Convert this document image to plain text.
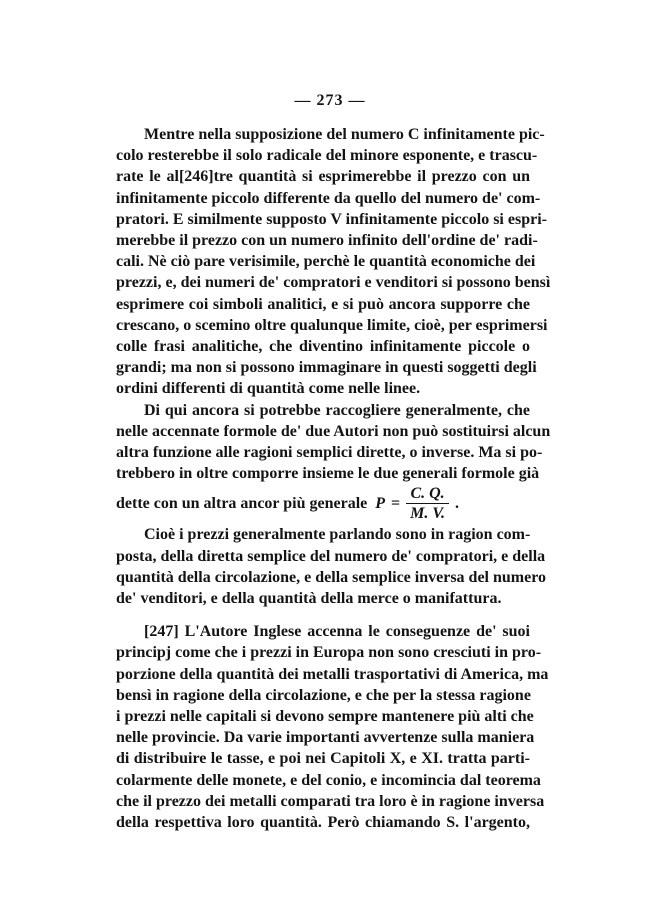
— 273 —
Mentre nella supposizione del numero C infinitamente pic-
colo resterebbe il solo radicale del minore esponente, e trascu-
rate le al[246]tre quantità si esprimerebbe il prezzo con un
infinitamente piccolo differente da quello del numero de' com-
pratori. E similmente supposto V infinitamente piccolo si espri-
merebbe il prezzo con un numero infinito dell'ordine de' radi-
cali. Nè ciò pare verisimile, perchè le quantità economiche dei
prezzi, e, dei numeri de' compratori e venditori si possono bensì
esprimere coi simboli analitici, e si può ancora supporre che
crescano, o scemino oltre qualunque limite, cioè, per esprimersi
colle frasi analitiche, che diventino infinitamente piccole o
grandi; ma non si possono immaginare in questi soggetti degli
ordini differenti di quantità come nelle linee.
Di qui ancora si potrebbe raccogliere generalmente, che
nelle accennate formole de' due Autori non può sostituirsi alcun
altra funzione alle ragioni semplici dirette, o inverse. Ma si po-
trebbero in oltre comporre insieme le due generali formole già
dette con un altra ancor più generale $P = \frac{C. Q.}{M. V.}$ .
Cioè i prezzi generalmente parlando sono in ragion com-
posta, della diretta semplice del numero de' compratori, e della
quantità della circolazione, e della semplice inversa del numero
de' venditori, e della quantità della merce o manifattura.
[247] L'Autore Inglese accenna le conseguenze de' suoi
principj come che i prezzi in Europa non sono cresciuti in pro-
porzione della quantità dei metalli trasportativi di America, ma
bensì in ragione della circolazione, e che per la stessa ragione
i prezzi nelle capitali si devono sempre mantenere più alti che
nelle provincie. Da varie importanti avvertenze sulla maniera
di distribuire le tasse, e poi nei Capitoli X, e XI. tratta parti-
colarmente delle monete, e del conio, e incomincia dal teorema
che il prezzo dei metalli comparati tra loro è in ragione inversa
della respettiva loro quantità. Però chiamando S. l'argento,
